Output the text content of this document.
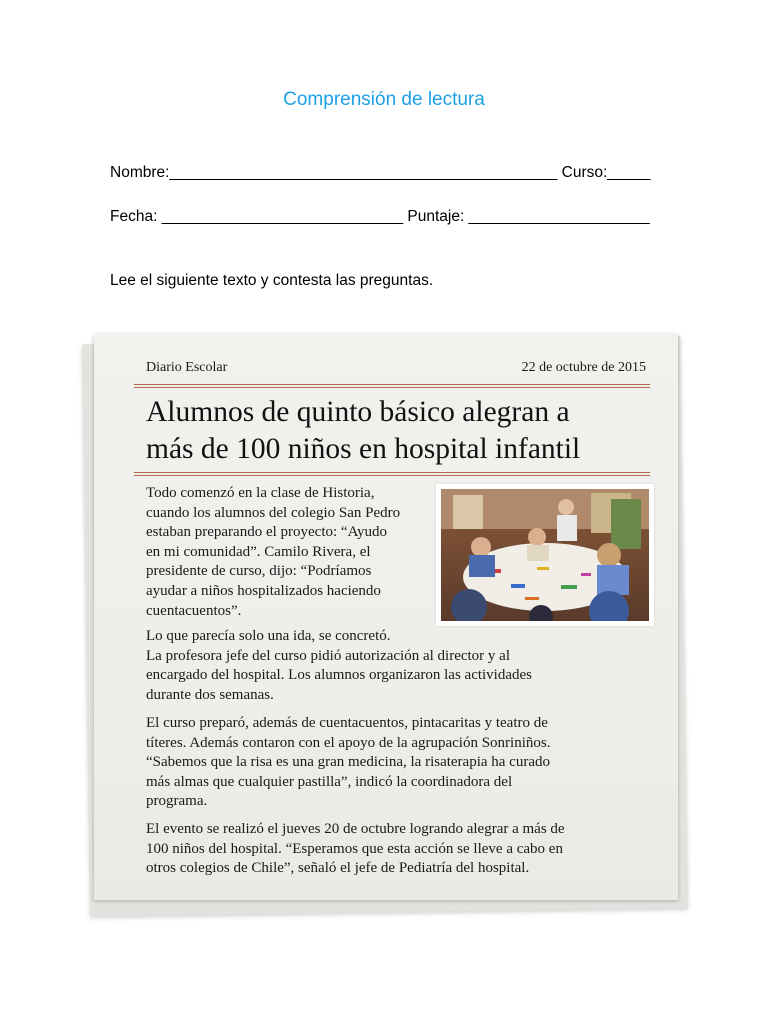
Comprensión de lectura
Nombre:_____________________________________________ Curso:_____
Fecha: ____________________________ Puntaje: _____________________
Lee el siguiente texto y contesta las preguntas.
Diario Escolar	22 de octubre de 2015
Alumnos de quinto básico alegran a
más de 100 niños en hospital infantil
Todo comenzó en la clase de Historia,
cuando los alumnos del colegio San Pedro
estaban preparando el proyecto: “Ayudo
en mi comunidad”. Camilo Rivera, el
presidente de curso, dijo: “Podríamos
ayudar a niños hospitalizados haciendo
cuentacuentos”.
Lo que parecía solo una ida, se concretó.
La profesora jefe del curso pidió autorización al director y al
encargado del hospital. Los alumnos organizaron las actividades
durante dos semanas.
El curso preparó, además de cuentacuentos, pintacaritas y teatro de
títeres. Además contaron con el apoyo de la agrupación Sonriniños.
“Sabemos que la risa es una gran medicina, la risaterapia ha curado
más almas que cualquier pastilla”, indicó la coordinadora del
programa.
El evento se realizó el jueves 20 de octubre logrando alegrar a más de
100 niños del hospital. “Esperamos que esta acción se lleve a cabo en
otros colegios de Chile”, señaló el jefe de Pediatría del hospital.
